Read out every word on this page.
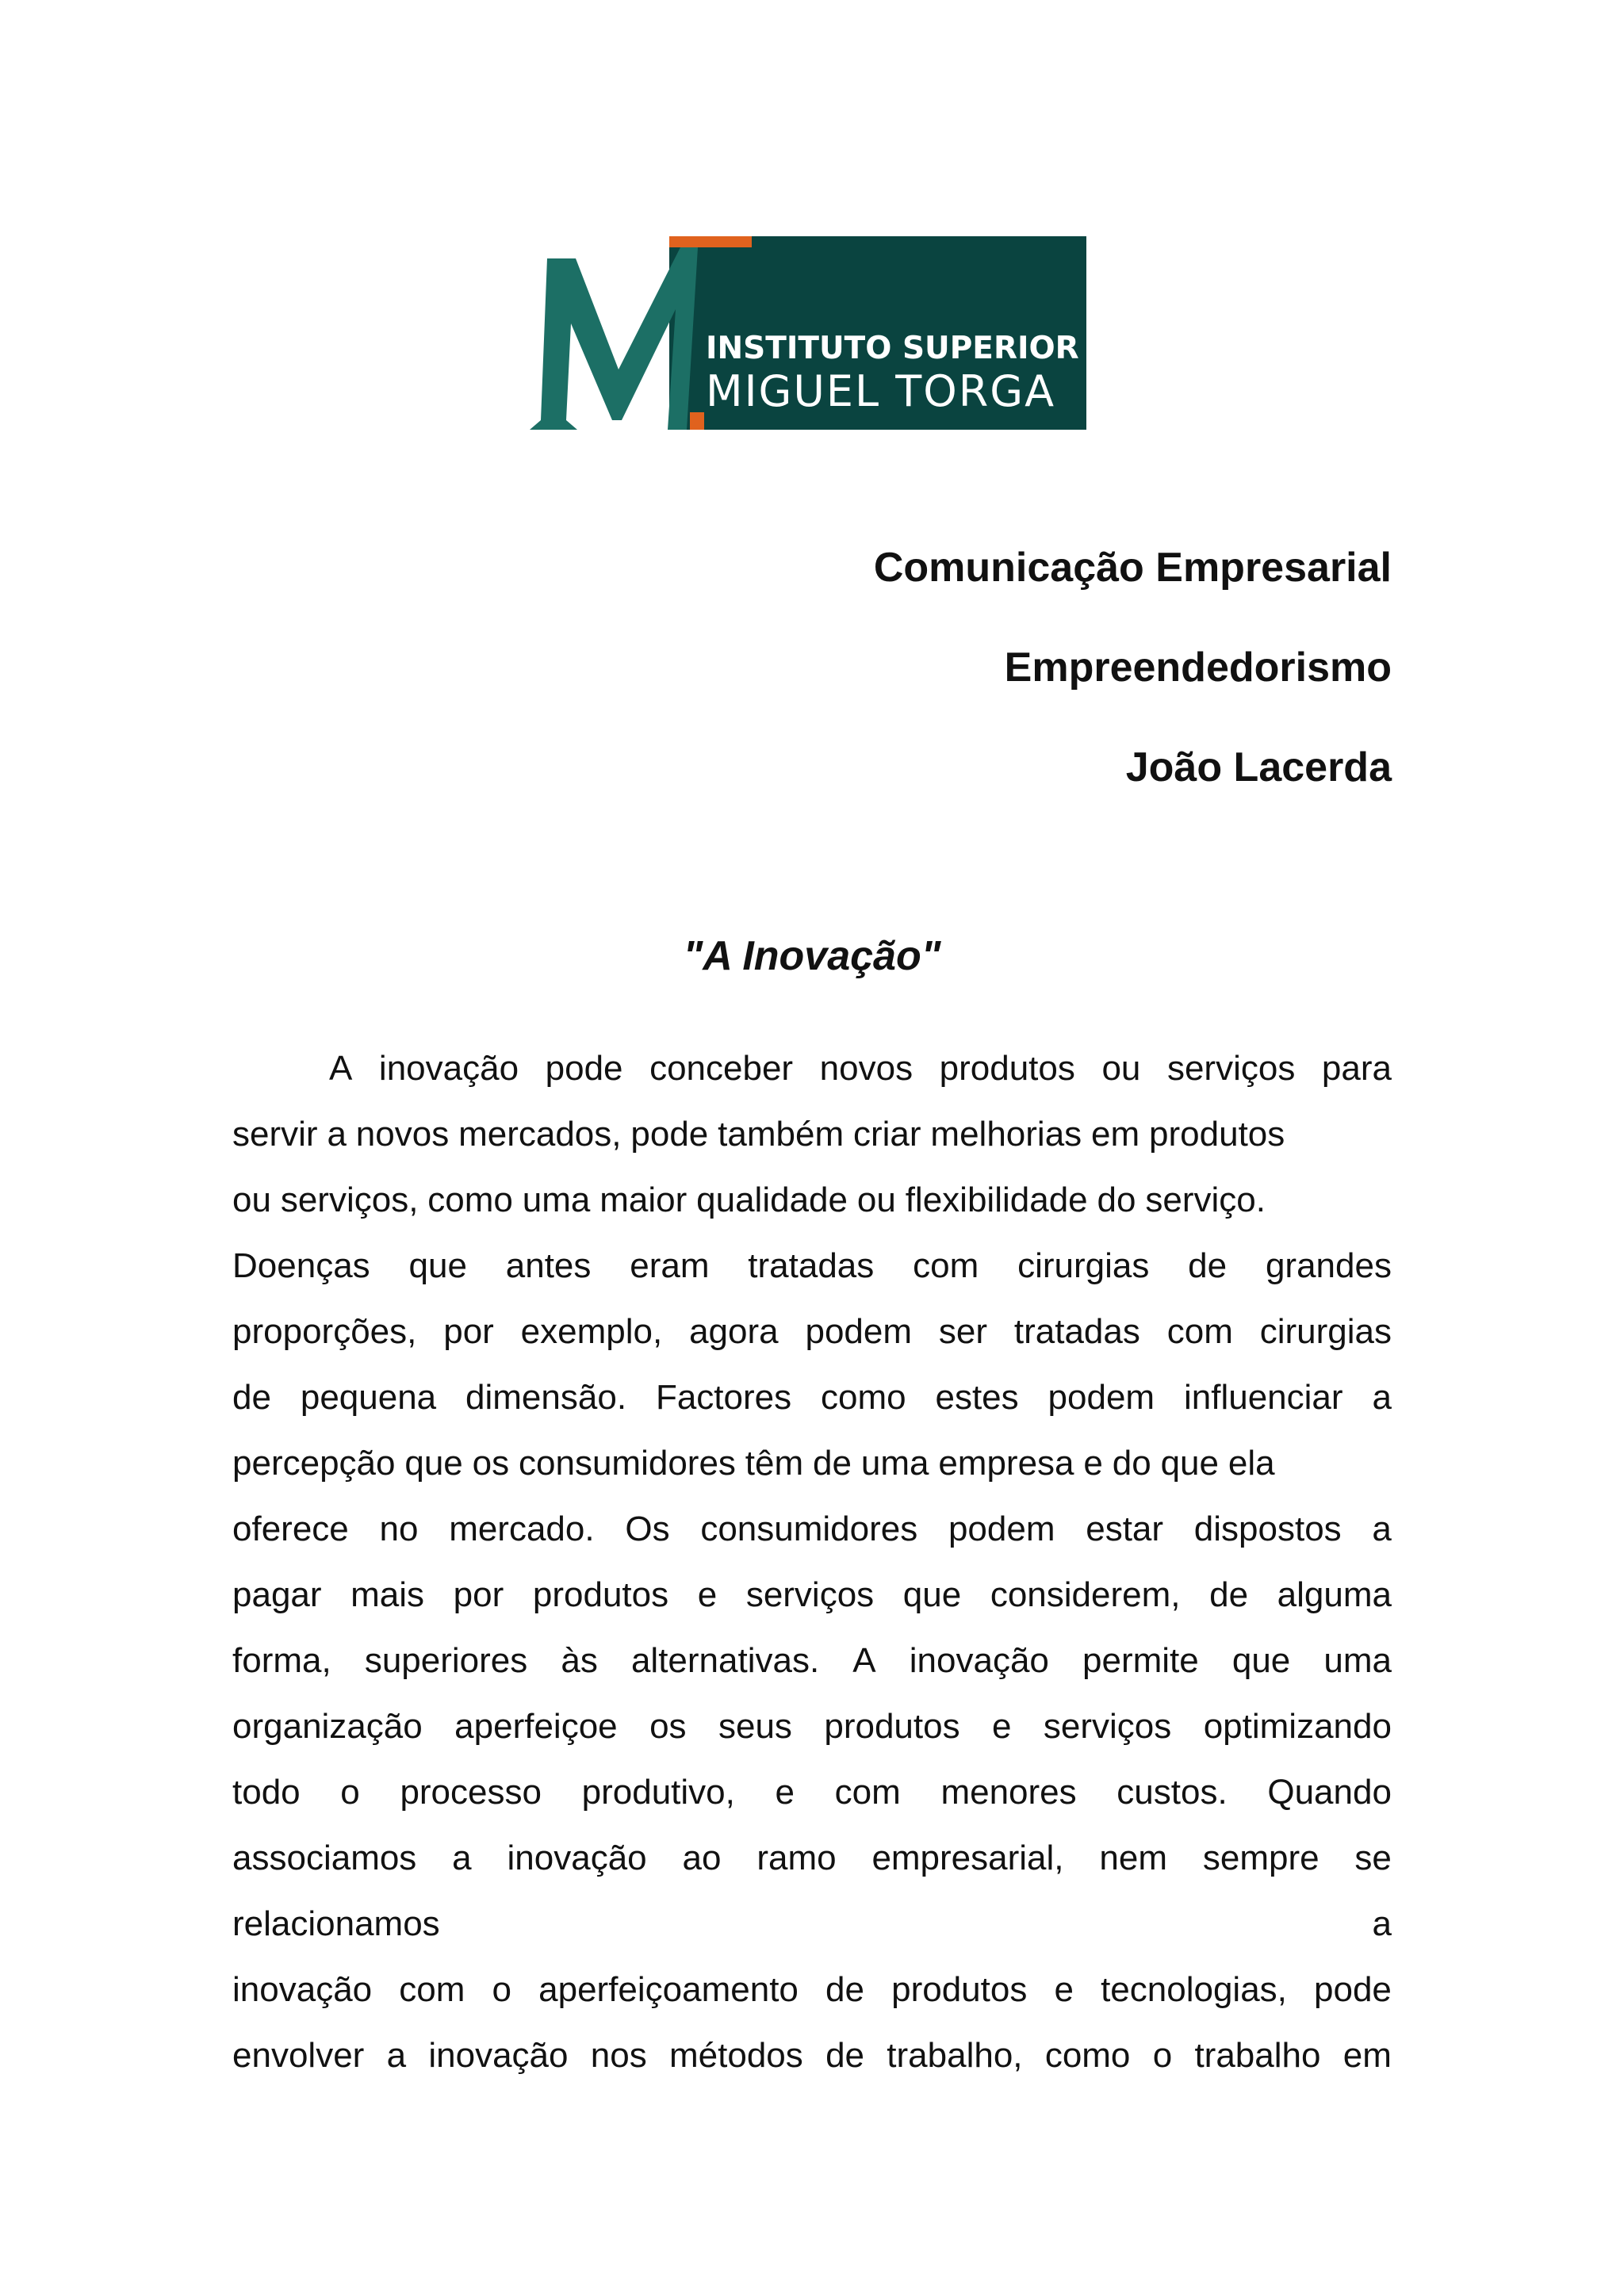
INSTITUTO SUPERIOR
MIGUEL TORGA
Comunicação Empresarial
Empreendedorismo
João Lacerda
"A Inovação"
A inovação pode conceber novos produtos ou serviços para
servir a novos mercados, pode também criar melhorias em produtos
ou serviços, como uma maior qualidade ou flexibilidade do serviço.
Doenças que antes eram tratadas com cirurgias de grandes
proporções, por exemplo, agora podem ser tratadas com cirurgias
de pequena dimensão. Factores como estes podem influenciar a
percepção que os consumidores têm de uma empresa e do que ela
oferece no mercado. Os consumidores podem estar dispostos a
pagar mais por produtos e serviços que considerem, de alguma
forma, superiores às alternativas. A inovação permite que uma
organização aperfeiçoe os seus produtos e serviços optimizando
todo o processo produtivo, e com menores custos. Quando
associamos a inovação ao ramo empresarial, nem sempre se
relacionamos	a
inovação com o aperfeiçoamento de produtos e tecnologias, pode
envolver a inovação nos métodos de trabalho, como o trabalho em
